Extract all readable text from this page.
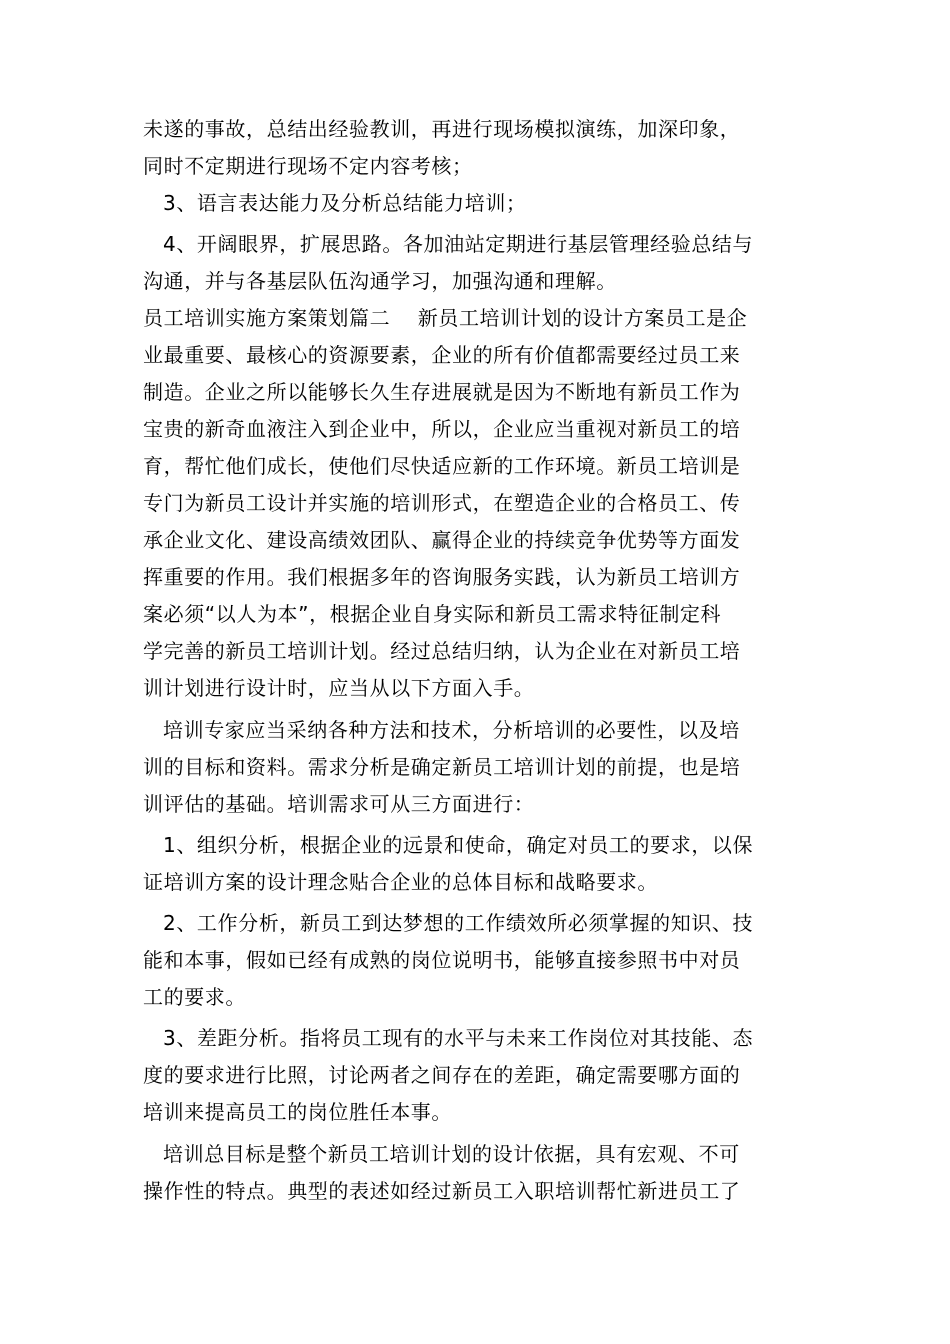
未遂的事故，总结出经验教训，再进行现场模拟演练，加深印象，
同时不定期进行现场不定内容考核；
3、语言表达能力及分析总结能力培训；
4、开阔眼界，扩展思路。各加油站定期进行基层管理经验总结与
沟通，并与各基层队伍沟通学习，加强沟通和理解。
员工培训实施方案策划篇二　 新员工培训计划的设计方案员工是企
业最重要、最核心的资源要素，企业的所有价值都需要经过员工来
制造。企业之所以能够长久生存进展就是因为不断地有新员工作为
宝贵的新奇血液注入到企业中，所以，企业应当重视对新员工的培
育，帮忙他们成长，使他们尽快适应新的工作环境。新员工培训是
专门为新员工设计并实施的培训形式，在塑造企业的合格员工、传
承企业文化、建设高绩效团队、赢得企业的持续竞争优势等方面发
挥重要的作用。我们根据多年的咨询服务实践，认为新员工培训方
案必须“以人为本”，根据企业自身实际和新员工需求特征制定科
学完善的新员工培训计划。经过总结归纳，认为企业在对新员工培
训计划进行设计时，应当从以下方面入手。
培训专家应当采纳各种方法和技术，分析培训的必要性，以及培
训的目标和资料。需求分析是确定新员工培训计划的前提，也是培
训评估的基础。培训需求可从三方面进行：
1、组织分析，根据企业的远景和使命，确定对员工的要求，以保
证培训方案的设计理念贴合企业的总体目标和战略要求。
2、工作分析，新员工到达梦想的工作绩效所必须掌握的知识、技
能和本事，假如已经有成熟的岗位说明书，能够直接参照书中对员
工的要求。
3、差距分析。指将员工现有的水平与未来工作岗位对其技能、态
度的要求进行比照，讨论两者之间存在的差距，确定需要哪方面的
培训来提高员工的岗位胜任本事。
培训总目标是整个新员工培训计划的设计依据，具有宏观、不可
操作性的特点。典型的表述如经过新员工入职培训帮忙新进员工了
